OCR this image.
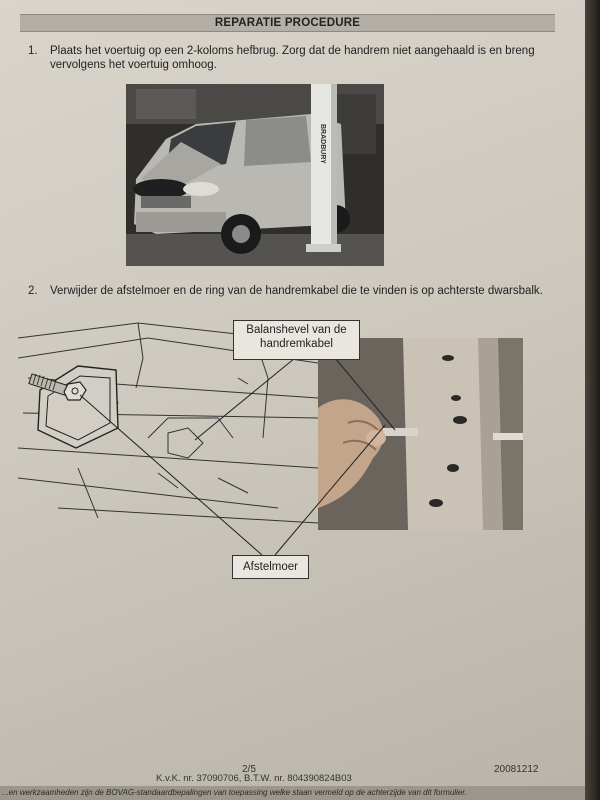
REPARATIE PROCEDURE
1. Plaats het voertuig op een 2-koloms hefbrug. Zorg dat de handrem niet aangehaald is en breng vervolgens het voertuig omhoog.
BRADBURY
2. Verwijder de afstelmoer en de ring van de handremkabel die te vinden is op achterste dwarsbalk.
Balanshevel van de handremkabel
Afstelmoer
2/5
K.v.K. nr. 37090706, B.T.W. nr. 804390824B03
20081212
...en werkzaamheden zijn de BOVAG-standaardbepalingen van toepassing welke staan vermeld op de achterzijde van dit formulier.
